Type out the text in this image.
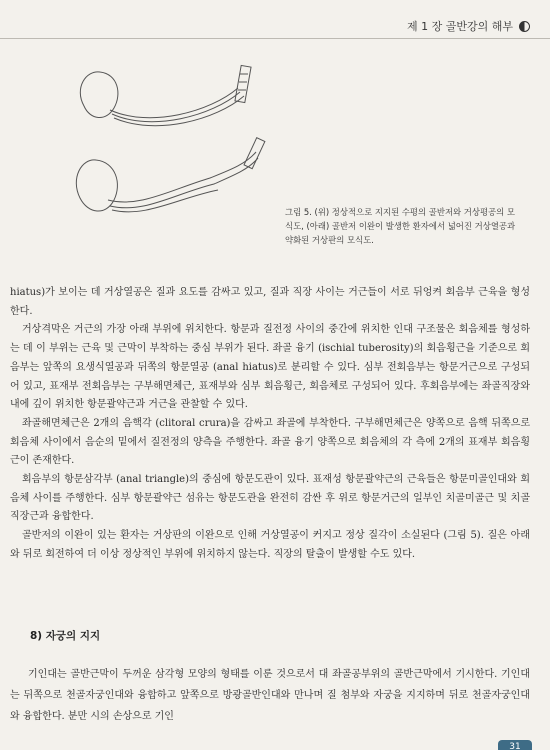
제 1 장 골반강의 해부

그림 5. (위) 정상적으로 지지된 수평의 골반저와 거상평공의 모식도, (아래) 골반저 이완이 발생한 환자에서 넓어진 거상열공과 약화된 거상판의 모식도.

hiatus)가 보이는 데 거상열공은 질과 요도를 감싸고 있고, 질과 직장 사이는 거근들이 서로 뒤엉켜 회음부 근육을 형성한다.

거상격막은 거근의 가장 아래 부위에 위치한다. 항문과 질전정 사이의 중간에 위치한 인대 구조물은 회음체를 형성하는 데 이 부위는 근육 및 근막이 부착하는 중심 부위가 된다. 좌골 융기 (ischial tuberosity)의 회음횡근을 기준으로 회음부는 앞쪽의 요생식열공과 뒤쪽의 항문열공 (anal hiatus)로 분리할 수 있다. 심부 전회음부는 항문거근으로 구성되어 있고, 표재부 전회음부는 구부해면체근, 표재부와 심부 회음횡근, 회음체로 구성되어 있다. 후회음부에는 좌골직장와 내에 깊이 위치한 항문괄약근과 거근을 관찰할 수 있다.

좌골해면체근은 2개의 음핵각 (clitoral crura)을 감싸고 좌골에 부착한다. 구부해면체근은 양쪽으로 음핵 뒤쪽으로 회음체 사이에서 음순의 밑에서 질전정의 양측을 주행한다. 좌골 융기 양쪽으로 회음체의 각 측에 2개의 표재부 회음횡근이 존재한다.

회음부의 항문삼각부 (anal triangle)의 중심에 항문도관이 있다. 표재성 항문괄약근의 근육들은 항문미골인대와 회음체 사이를 주행한다. 심부 항문괄약근 섬유는 항문도관을 완전히 감싼 후 위로 항문거근의 일부인 치골미골근 및 치골직장근과 융합한다.

골반저의 이완이 있는 환자는 거상판의 이완으로 인해 거상열공이 커지고 정상 질각이 소실된다 (그림 5). 질은 아래와 뒤로 회전하여 더 이상 정상적인 부위에 위치하지 않는다. 직장의 탈출이 발생할 수도 있다.

8) 자궁의 지지

기인대는 골반근막이 두꺼운 삼각형 모양의 형태를 이룬 것으로서 대 좌골공부위의 골반근막에서 기시한다. 기인대는 뒤쪽으로 천골자궁인대와 융합하고 앞쪽으로 방광골반인대와 만나며 질 첨부와 자궁을 지지하며 뒤로 천골자궁인대와 융합한다. 분만 시의 손상으로 기인

31
